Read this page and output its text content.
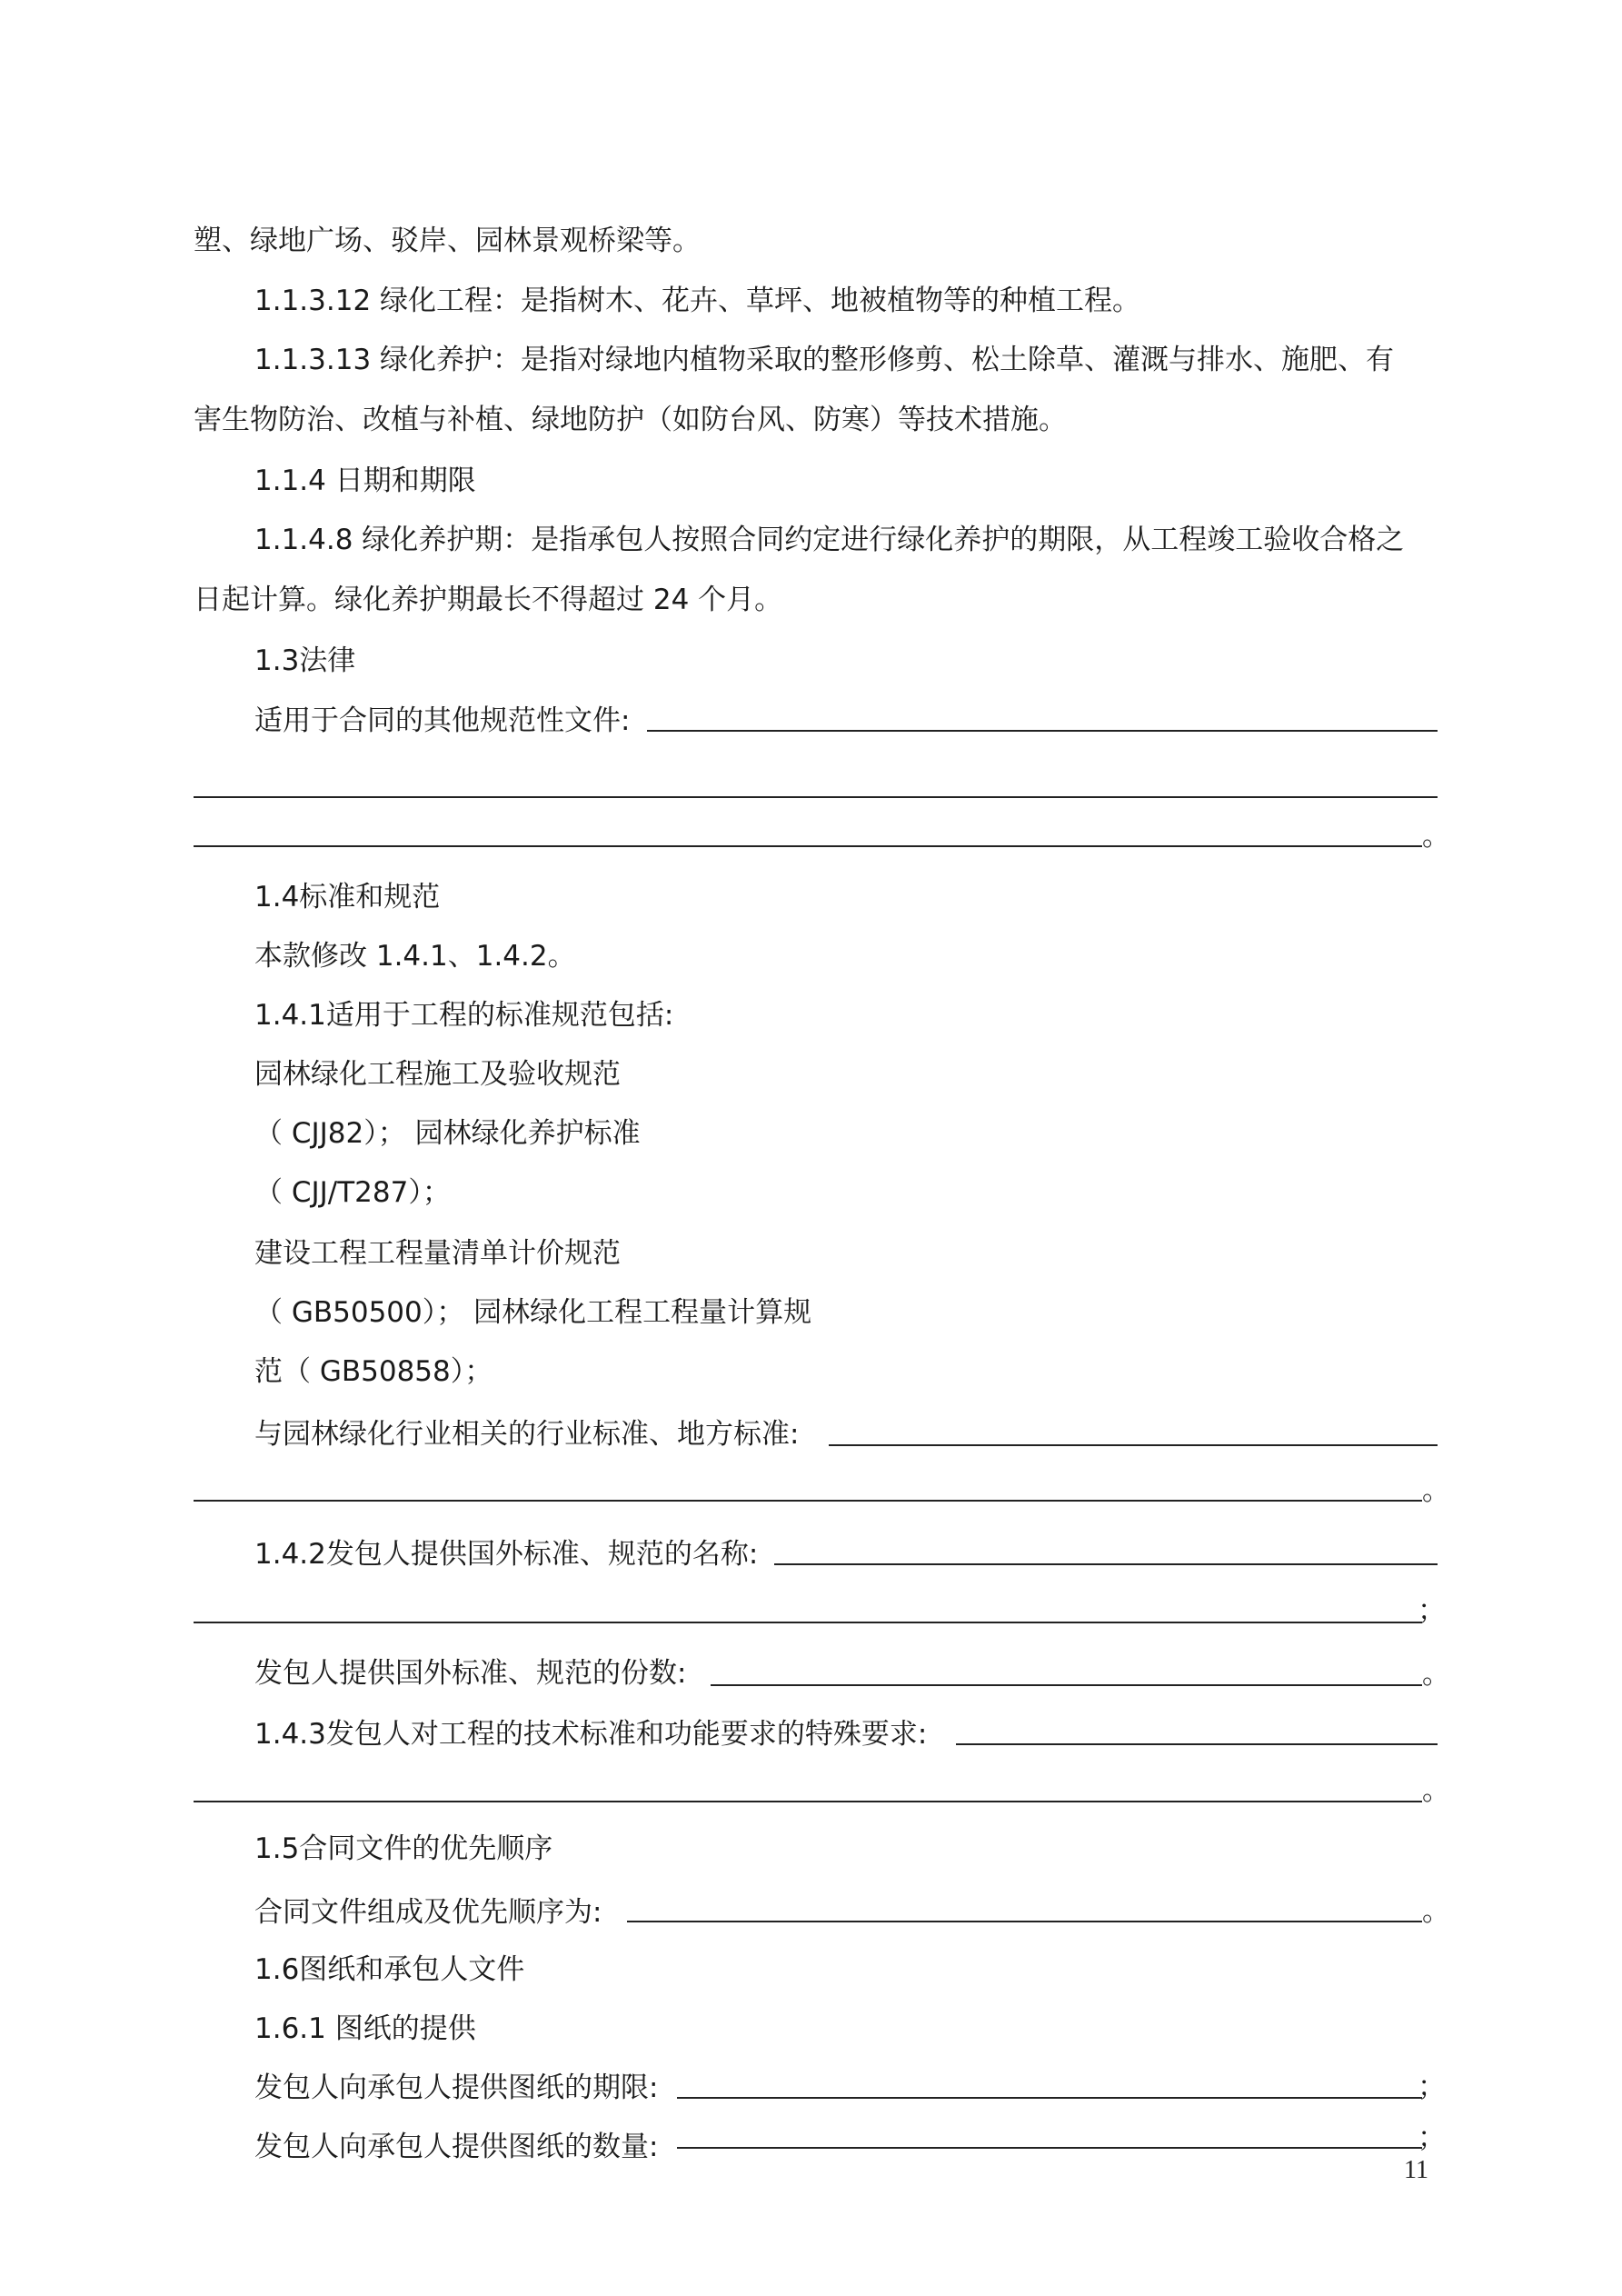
塑、绿地广场、驳岸、园林景观桥梁等。
1.1.3.12 绿化工程：是指树木、花卉、草坪、地被植物等的种植工程。
1.1.3.13 绿化养护：是指对绿地内植物采取的整形修剪、松土除草、灌溉与排水、施肥、有
害生物防治、改植与补植、绿地防护（如防台风、防寒）等技术措施。
1.1.4 日期和期限
1.1.4.8 绿化养护期：是指承包人按照合同约定进行绿化养护的期限，从工程竣工验收合格之
日起计算。绿化养护期最长不得超过 24 个月。
1.3法律
适用于合同的其他规范性文件:
。
1.4标准和规范
本款修改 1.4.1、1.4.2。
1.4.1适用于工程的标准规范包括:
园林绿化工程施工及验收规范
（ CJJ82）； 园林绿化养护标准
（ CJJ/T287）；
建设工程工程量清单计价规范
（ GB50500）； 园林绿化工程工程量计算规
范（ GB50858）；
与园林绿化行业相关的行业标准、地方标准:
。
1.4.2发包人提供国外标准、规范的名称:
；
发包人提供国外标准、规范的份数:	。
1.4.3发包人对工程的技术标准和功能要求的特殊要求:
。
1.5合同文件的优先顺序
合同文件组成及优先顺序为:	。
1.6图纸和承包人文件
1.6.1 图纸的提供
发包人向承包人提供图纸的期限:	；
发包人向承包人提供图纸的数量:	；
11
